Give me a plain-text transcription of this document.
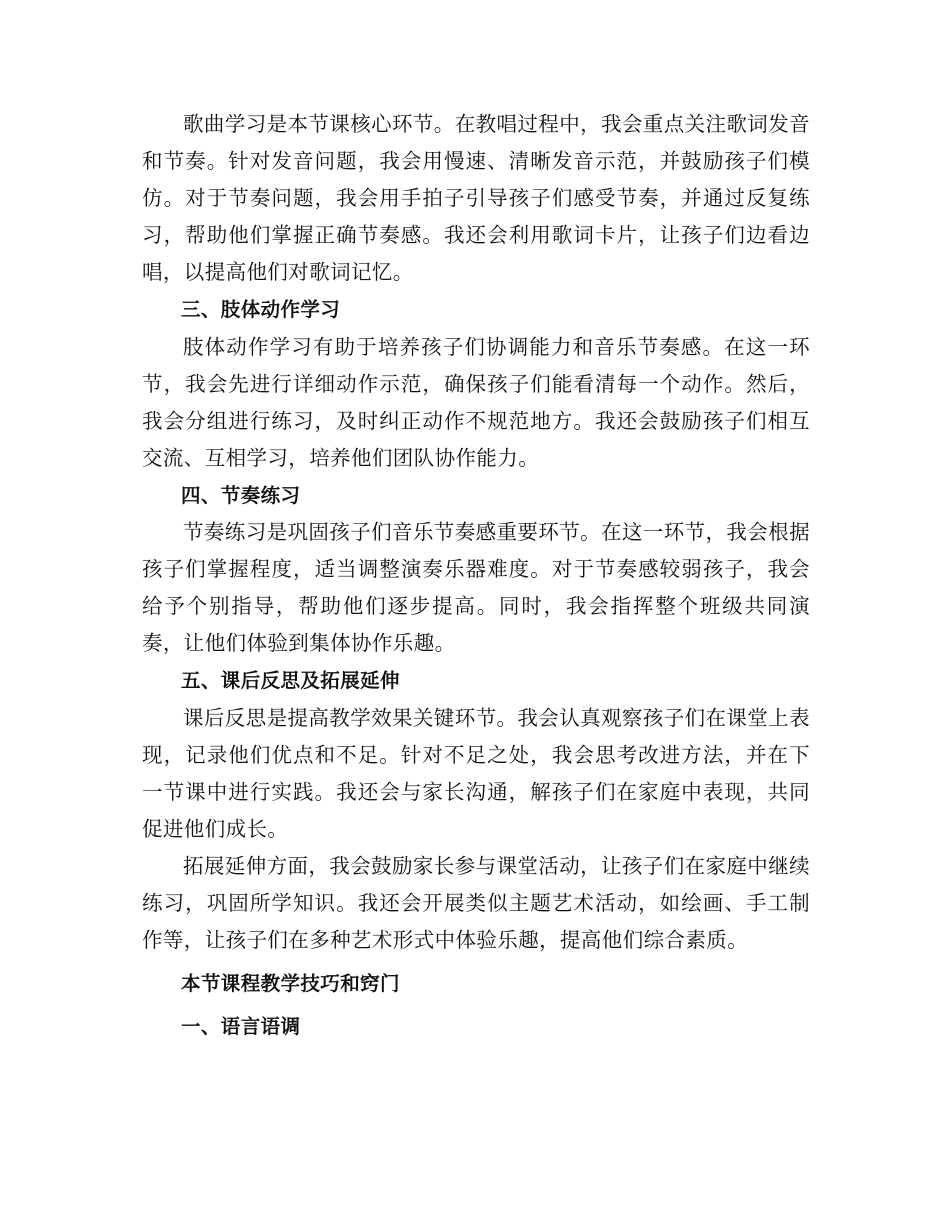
歌曲学习是本节课核心环节。在教唱过程中，我会重点关注歌词发音和节奏。针对发音问题，我会用慢速、清晰发音示范，并鼓励孩子们模仿。对于节奏问题，我会用手拍子引导孩子们感受节奏，并通过反复练习，帮助他们掌握正确节奏感。我还会利用歌词卡片，让孩子们边看边唱，以提高他们对歌词记忆。

三、肢体动作学习

肢体动作学习有助于培养孩子们协调能力和音乐节奏感。在这一环节，我会先进行详细动作示范，确保孩子们能看清每一个动作。然后，我会分组进行练习，及时纠正动作不规范地方。我还会鼓励孩子们相互交流、互相学习，培养他们团队协作能力。

四、节奏练习

节奏练习是巩固孩子们音乐节奏感重要环节。在这一环节，我会根据孩子们掌握程度，适当调整演奏乐器难度。对于节奏感较弱孩子，我会给予个别指导，帮助他们逐步提高。同时，我会指挥整个班级共同演奏，让他们体验到集体协作乐趣。

五、课后反思及拓展延伸

课后反思是提高教学效果关键环节。我会认真观察孩子们在课堂上表现，记录他们优点和不足。针对不足之处，我会思考改进方法，并在下一节课中进行实践。我还会与家长沟通，解孩子们在家庭中表现，共同促进他们成长。

拓展延伸方面，我会鼓励家长参与课堂活动，让孩子们在家庭中继续练习，巩固所学知识。我还会开展类似主题艺术活动，如绘画、手工制作等，让孩子们在多种艺术形式中体验乐趣，提高他们综合素质。

本节课程教学技巧和窍门

一、语言语调
